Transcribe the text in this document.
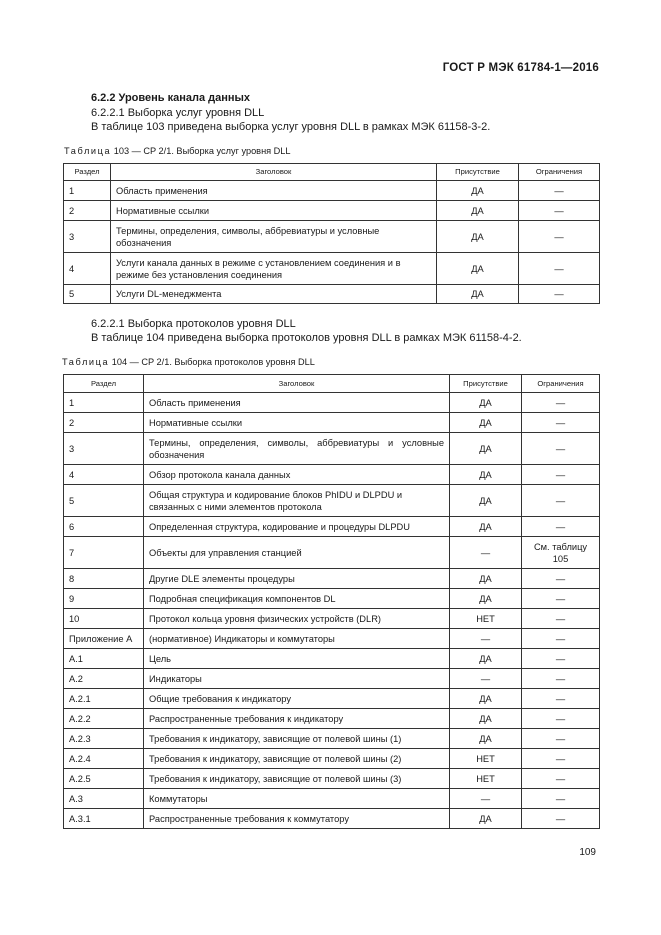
ГОСТ Р МЭК 61784-1—2016
6.2.2 Уровень канала данных
6.2.2.1 Выборка услуг уровня DLL
В таблице 103 приведена выборка услуг уровня DLL в рамках МЭК 61158-3-2.
Таблица 103 — CP 2/1. Выборка услуг уровня DLL
Раздел	Заголовок	Присутствие	Ограничения
1	Область применения	ДА	—
2	Нормативные ссылки	ДА	—
3	Термины, определения, символы, аббревиатуры и условные обозначения	ДА	—
4	Услуги канала данных в режиме с установлением соединения и в режиме без установления соединения	ДА	—
5	Услуги DL-менеджмента	ДА	—
6.2.2.1 Выборка протоколов уровня DLL
В таблице 104 приведена выборка протоколов уровня DLL в рамках МЭК 61158-4-2.
Таблица 104 — CP 2/1. Выборка протоколов уровня DLL
Раздел	Заголовок	Присутствие	Ограничения
1	Область применения	ДА	—
2	Нормативные ссылки	ДА	—
3	Термины, определения, символы, аббревиатуры и условные обозначения	ДА	—
4	Обзор протокола канала данных	ДА	—
5	Общая структура и кодирование блоков PhIDU и DLPDU и связанных с ними элементов протокола	ДА	—
6	Определенная структура, кодирование и процедуры DLPDU	ДА	—
7	Объекты для управления станцией	—	См. таблицу 105
8	Другие DLE элементы процедуры	ДА	—
9	Подробная спецификация компонентов DL	ДА	—
10	Протокол кольца уровня физических устройств (DLR)	НЕТ	—
Приложение А	(нормативное) Индикаторы и коммутаторы	—	—
А.1	Цель	ДА	—
А.2	Индикаторы	—	—
А.2.1	Общие требования к индикатору	ДА	—
А.2.2	Распространенные требования к индикатору	ДА	—
А.2.3	Требования к индикатору, зависящие от полевой шины (1)	ДА	—
А.2.4	Требования к индикатору, зависящие от полевой шины (2)	НЕТ	—
А.2.5	Требования к индикатору, зависящие от полевой шины (3)	НЕТ	—
А.3	Коммутаторы	—	—
А.3.1	Распространенные требования к коммутатору	ДА	—
109
